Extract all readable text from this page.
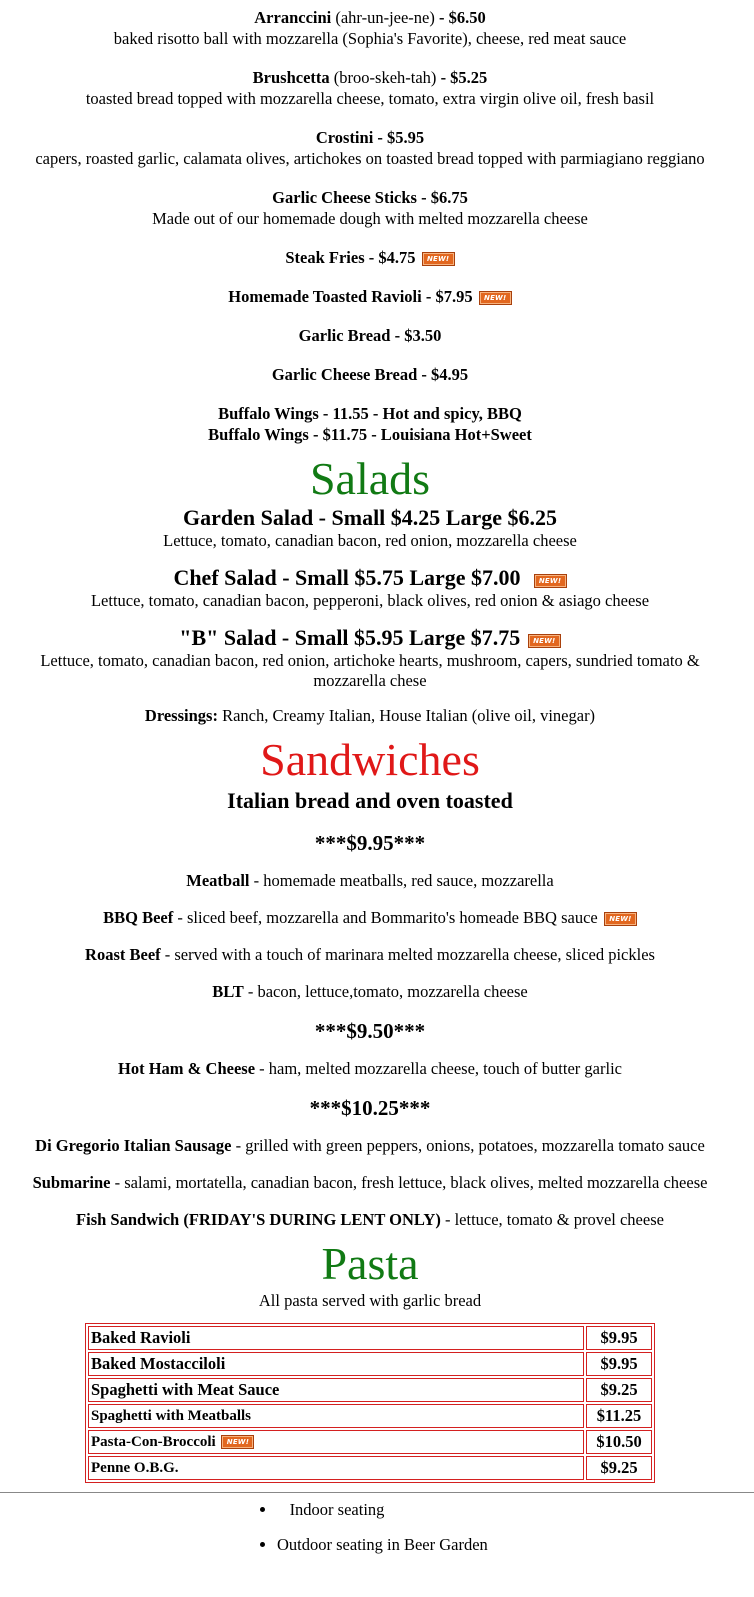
Arranccini (ahr-un-jee-ne) - $6.50
baked risotto ball with mozzarella (Sophia's Favorite), cheese, red meat sauce
Brushcetta (broo-skeh-tah) - $5.25
toasted bread topped with mozzarella cheese, tomato, extra virgin olive oil, fresh basil
Crostini - $5.95
capers, roasted garlic, calamata olives, artichokes on toasted bread topped with parmiagiano reggiano
Garlic Cheese Sticks - $6.75
Made out of our homemade dough with melted mozzarella cheese
Steak Fries - $4.75 NEW!
Homemade Toasted Ravioli - $7.95 NEW!
Garlic Bread - $3.50
Garlic Cheese Bread - $4.95
Buffalo Wings - 11.55 - Hot and spicy, BBQ
Buffalo Wings - $11.75 - Louisiana Hot+Sweet
Salads
Garden Salad - Small $4.25 Large $6.25
Lettuce, tomato, canadian bacon, red onion, mozzarella cheese
Chef Salad - Small $5.75 Large $7.00	NEW!
Lettuce, tomato, canadian bacon, pepperoni, black olives, red onion & asiago cheese
"B" Salad - Small $5.95 Large $7.75 NEW!
Lettuce, tomato, canadian bacon, red onion, artichoke hearts, mushroom, capers, sundried tomato & mozzarella chese
Dressings: Ranch, Creamy Italian, House Italian (olive oil, vinegar)
Sandwiches
Italian bread and oven toasted
***$9.95***
Meatball - homemade meatballs, red sauce, mozzarella
BBQ Beef - sliced beef, mozzarella and Bommarito's homeade BBQ sauce NEW!
Roast Beef - served with a touch of marinara melted mozzarella cheese, sliced pickles
BLT - bacon, lettuce,tomato, mozzarella cheese
***$9.50***
Hot Ham & Cheese - ham, melted mozzarella cheese, touch of butter garlic
***$10.25***
Di Gregorio Italian Sausage - grilled with green peppers, onions, potatoes, mozzarella tomato sauce
Submarine - salami, mortatella, canadian bacon, fresh lettuce, black olives, melted mozzarella cheese
Fish Sandwich (FRIDAY'S DURING LENT ONLY) - lettuce, tomato & provel cheese
Pasta
All pasta served with garlic bread
Baked Ravioli	$9.95
Baked Mostacciloli	$9.95
Spaghetti with Meat Sauce	$9.25
Spaghetti with Meatballs	$11.25
Pasta-Con-Broccoli NEW!	$10.50
Penne O.B.G.	$9.25
• Indoor seating
• Outdoor seating in Beer Garden
